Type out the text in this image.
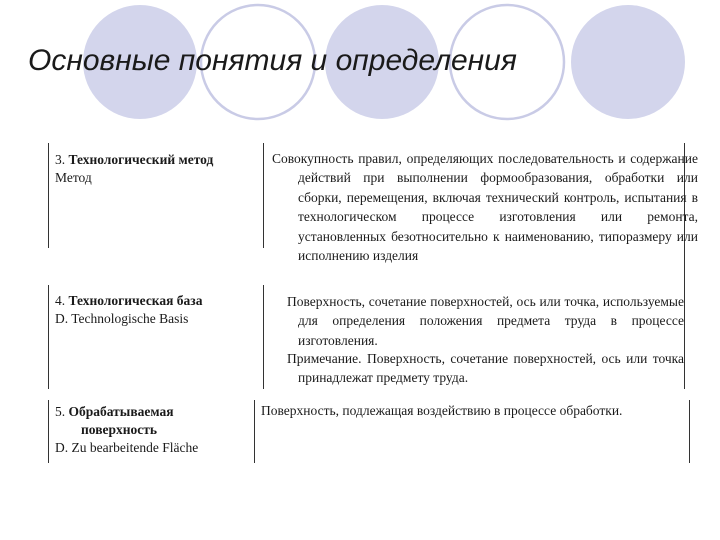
Основные понятия и определения
3. Технологический метод
Метод
Совокупность правил, определяющих последовательность и содержание действий при выполнении формообразования, обработки или сборки, перемещения, включая технический контроль, испытания в технологическом процессе изготовления или ремонта, установленных безотносительно к наименованию, типоразмеру или исполнению изделия
4. Технологическая база
D. Technologische Basis
Поверхность, сочетание поверхностей, ось или точка, используемые для определения положения предмета труда в процессе изготовления.
Примечание. Поверхность, сочетание поверхностей, ось или точка принадлежат предмету труда.
5. Обрабатываемая
поверхность
D. Zu bearbeitende Fläche
Поверхность, подлежащая воздействию в процессе обработки.
